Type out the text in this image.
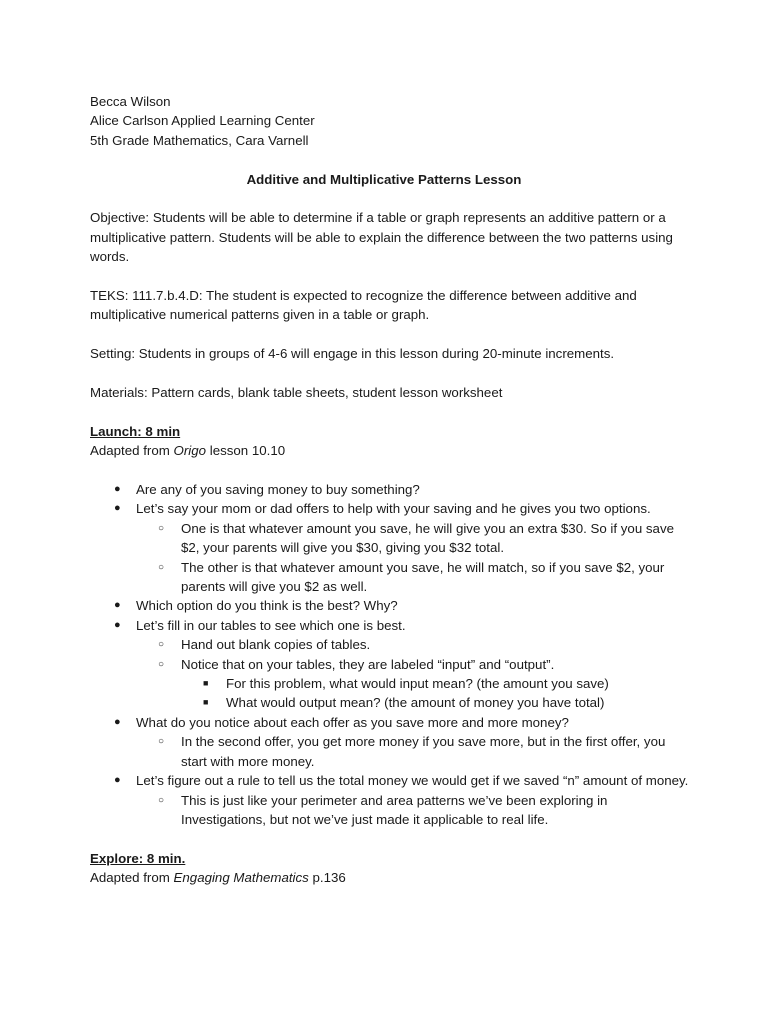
Becca Wilson

Alice Carlson Applied Learning Center

5th Grade Mathematics, Cara Varnell

Additive and Multiplicative Patterns Lesson

Objective: Students will be able to determine if a table or graph represents an additive pattern or a multiplicative pattern. Students will be able to explain the difference between the two patterns using words.

TEKS: 111.7.b.4.D: The student is expected to recognize the difference between additive and multiplicative numerical patterns given in a table or graph.

Setting: Students in groups of 4-6 will engage in this lesson during 20-minute increments.

Materials: Pattern cards, blank table sheets, student lesson worksheet

Launch: 8 min

Adapted from Origo lesson 10.10

● Are any of you saving money to buy something?
● Let’s say your mom or dad offers to help with your saving and he gives you two options.
○ One is that whatever amount you save, he will give you an extra $30. So if you save $2, your parents will give you $30, giving you $32 total.
○ The other is that whatever amount you save, he will match, so if you save $2, your parents will give you $2 as well.
● Which option do you think is the best? Why?
● Let’s fill in our tables to see which one is best.
○ Hand out blank copies of tables.
○ Notice that on your tables, they are labeled “input” and “output”.
■ For this problem, what would input mean? (the amount you save)
■ What would output mean? (the amount of money you have total)
● What do you notice about each offer as you save more and more money?
○ In the second offer, you get more money if you save more, but in the first offer, you start with more money.
● Let’s figure out a rule to tell us the total money we would get if we saved “n” amount of money.
○ This is just like your perimeter and area patterns we’ve been exploring in Investigations, but not we’ve just made it applicable to real life.

Explore: 8 min.

Adapted from Engaging Mathematics p.136
